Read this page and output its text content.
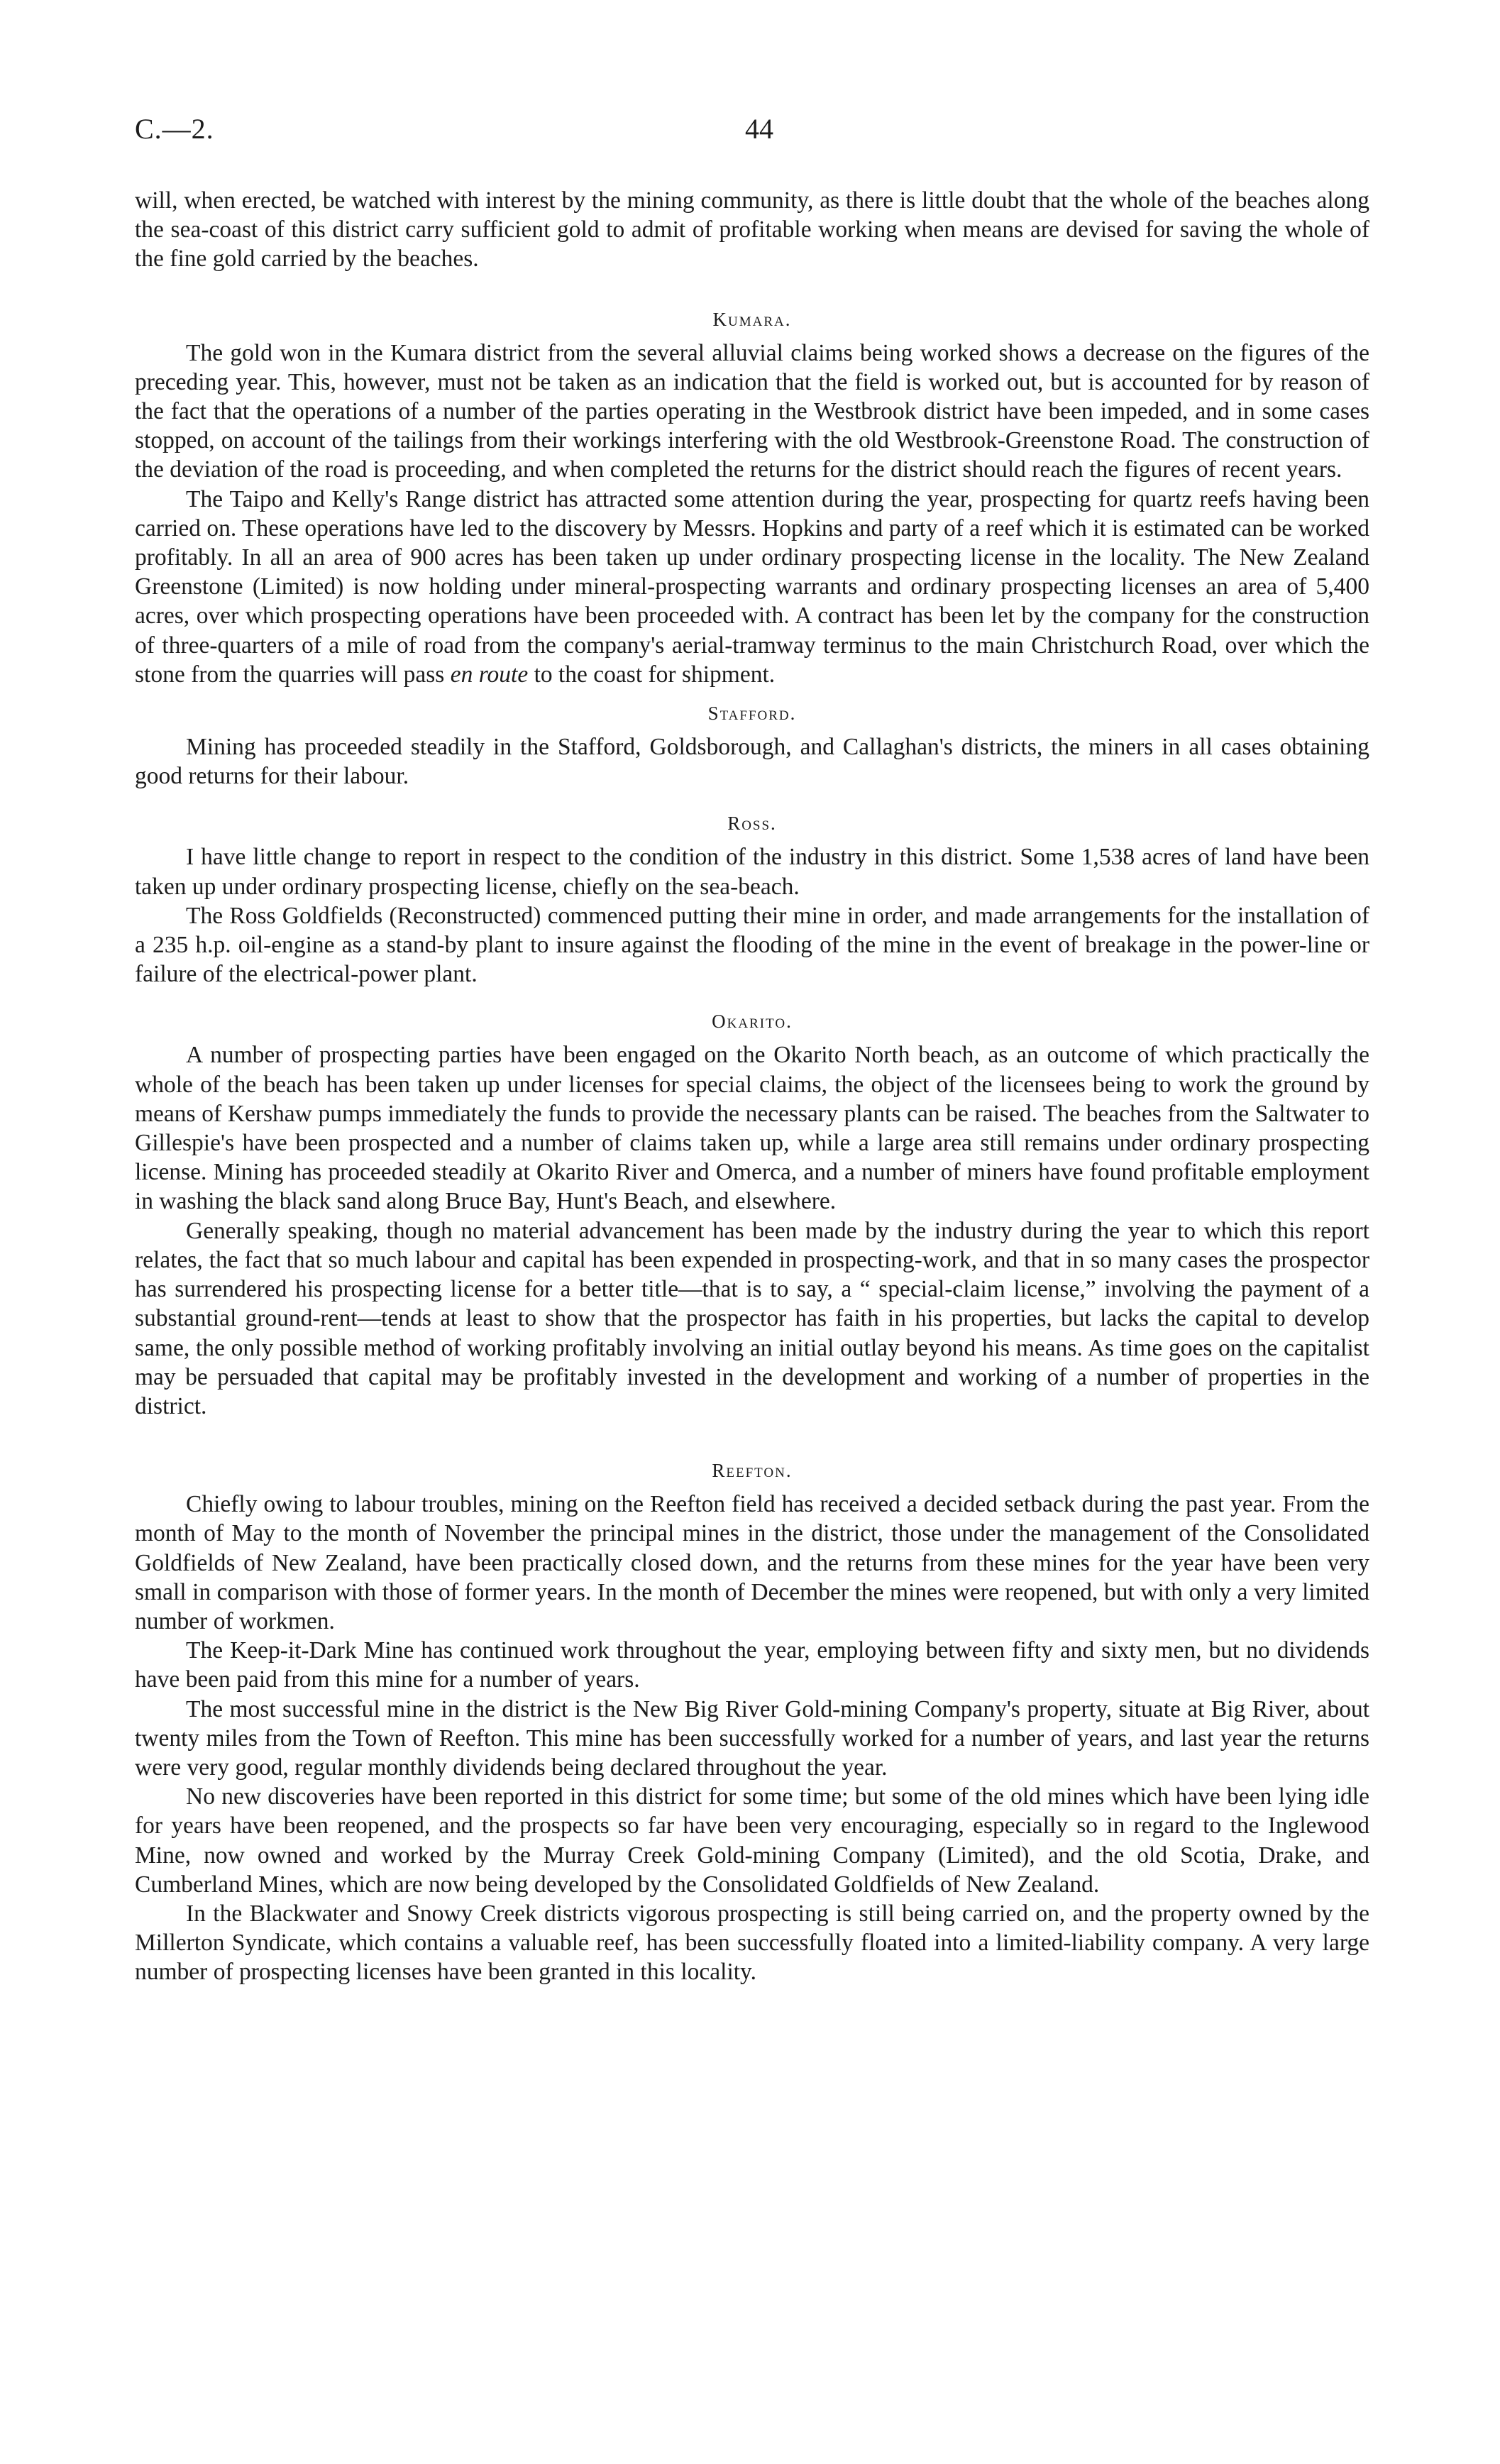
C.—2.	44

will, when erected, be watched with interest by the mining community, as there is little doubt that the whole of the beaches along the sea-coast of this district carry sufficient gold to admit of profitable working when means are devised for saving the whole of the fine gold carried by the beaches.

Kumara.

The gold won in the Kumara district from the several alluvial claims being worked shows a decrease on the figures of the preceding year. This, however, must not be taken as an indication that the field is worked out, but is accounted for by reason of the fact that the operations of a number of the parties operating in the Westbrook district have been impeded, and in some cases stopped, on account of the tailings from their workings interfering with the old Westbrook-Greenstone Road. The construction of the deviation of the road is proceeding, and when completed the returns for the district should reach the figures of recent years.

The Taipo and Kelly's Range district has attracted some attention during the year, prospecting for quartz reefs having been carried on. These operations have led to the discovery by Messrs. Hopkins and party of a reef which it is estimated can be worked profitably. In all an area of 900 acres has been taken up under ordinary prospecting license in the locality. The New Zealand Greenstone (Limited) is now holding under mineral-prospecting warrants and ordinary prospecting licenses an area of 5,400 acres, over which prospecting operations have been proceeded with. A contract has been let by the company for the construction of three-quarters of a mile of road from the company's aerial-tramway terminus to the main Christchurch Road, over which the stone from the quarries will pass en route to the coast for shipment.

Stafford.

Mining has proceeded steadily in the Stafford, Goldsborough, and Callaghan's districts, the miners in all cases obtaining good returns for their labour.

Ross.

I have little change to report in respect to the condition of the industry in this district. Some 1,538 acres of land have been taken up under ordinary prospecting license, chiefly on the sea-beach.

The Ross Goldfields (Reconstructed) commenced putting their mine in order, and made arrangements for the installation of a 235 h.p. oil-engine as a stand-by plant to insure against the flooding of the mine in the event of breakage in the power-line or failure of the electrical-power plant.

Okarito.

A number of prospecting parties have been engaged on the Okarito North beach, as an outcome of which practically the whole of the beach has been taken up under licenses for special claims, the object of the licensees being to work the ground by means of Kershaw pumps immediately the funds to provide the necessary plants can be raised. The beaches from the Saltwater to Gillespie's have been prospected and a number of claims taken up, while a large area still remains under ordinary prospecting license. Mining has proceeded steadily at Okarito River and Omerca, and a number of miners have found profitable employment in washing the black sand along Bruce Bay, Hunt's Beach, and elsewhere.

Generally speaking, though no material advancement has been made by the industry during the year to which this report relates, the fact that so much labour and capital has been expended in prospecting-work, and that in so many cases the prospector has surrendered his prospecting license for a better title—that is to say, a “ special-claim license,” involving the payment of a substantial ground-rent—tends at least to show that the prospector has faith in his properties, but lacks the capital to develop same, the only possible method of working profitably involving an initial outlay beyond his means. As time goes on the capitalist may be persuaded that capital may be profitably invested in the development and working of a number of properties in the district.

Reefton.

Chiefly owing to labour troubles, mining on the Reefton field has received a decided setback during the past year. From the month of May to the month of November the principal mines in the district, those under the management of the Consolidated Goldfields of New Zealand, have been practically closed down, and the returns from these mines for the year have been very small in comparison with those of former years. In the month of December the mines were reopened, but with only a very limited number of workmen.

The Keep-it-Dark Mine has continued work throughout the year, employing between fifty and sixty men, but no dividends have been paid from this mine for a number of years.

The most successful mine in the district is the New Big River Gold-mining Company's property, situate at Big River, about twenty miles from the Town of Reefton. This mine has been successfully worked for a number of years, and last year the returns were very good, regular monthly dividends being declared throughout the year.

No new discoveries have been reported in this district for some time; but some of the old mines which have been lying idle for years have been reopened, and the prospects so far have been very encouraging, especially so in regard to the Inglewood Mine, now owned and worked by the Murray Creek Gold-mining Company (Limited), and the old Scotia, Drake, and Cumberland Mines, which are now being developed by the Consolidated Goldfields of New Zealand.

In the Blackwater and Snowy Creek districts vigorous prospecting is still being carried on, and the property owned by the Millerton Syndicate, which contains a valuable reef, has been successfully floated into a limited-liability company. A very large number of prospecting licenses have been granted in this locality.
